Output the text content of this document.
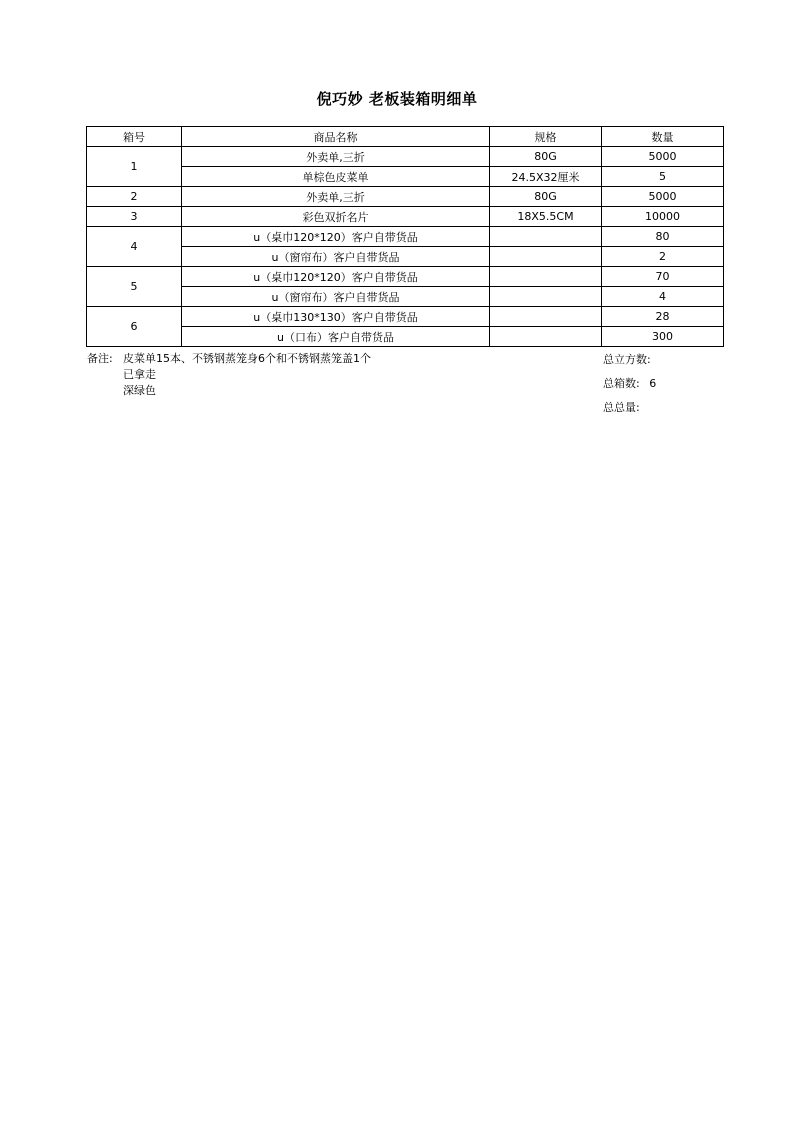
倪巧妙 老板装箱明细单
箱号	商品名称	规格	数量
1	外卖单,三折	80G	5000
	单棕色皮菜单	24.5X32厘米	5
2	外卖单,三折	80G	5000
3	彩色双折名片	18X5.5CM	10000
4	u（桌巾120*120）客户自带货品		80
	u（窗帘布）客户自带货品		2
5	u（桌巾120*120）客户自带货品		70
	u（窗帘布）客户自带货品		4
6	u（桌巾130*130）客户自带货品		28
	u（口布）客户自带货品		300
备注: 皮菜单15本、不锈钢蒸笼身6个和不锈钢蒸笼盖1个
已拿走
深绿色
总立方数:
总箱数: 6
总总量:
